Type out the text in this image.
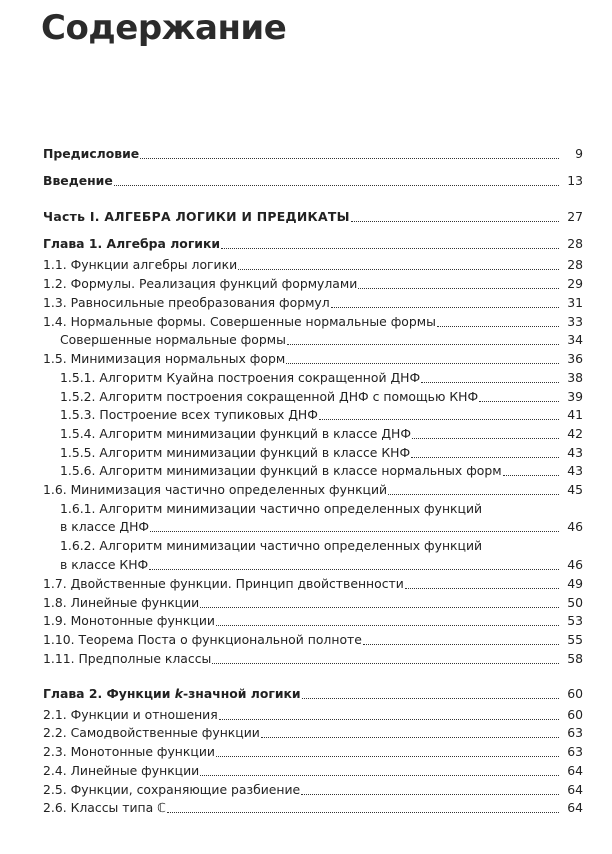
Содержание
Предисловие	9
Введение	13
Часть I. АЛГЕБРА ЛОГИКИ И ПРЕДИКАТЫ	27
Глава 1. Алгебра логики	28
1.1. Функции алгебры логики	28
1.2. Формулы. Реализация функций формулами	29
1.3. Равносильные преобразования формул	31
1.4. Нормальные формы. Совершенные нормальные формы	33
Совершенные нормальные формы	34
1.5. Минимизация нормальных форм	36
1.5.1. Алгоритм Куайна построения сокращенной ДНФ	38
1.5.2. Алгоритм построения сокращенной ДНФ с помощью КНФ	39
1.5.3. Построение всех тупиковых ДНФ	41
1.5.4. Алгоритм минимизации функций в классе ДНФ	42
1.5.5. Алгоритм минимизации функций в классе КНФ	43
1.5.6. Алгоритм минимизации функций в классе нормальных форм	43
1.6. Минимизация частично определенных функций	45
1.6.1. Алгоритм минимизации частично определенных функций
в классе ДНФ	46
1.6.2. Алгоритм минимизации частично определенных функций
в классе КНФ	46
1.7. Двойственные функции. Принцип двойственности	49
1.8. Линейные функции	50
1.9. Монотонные функции	53
1.10. Теорема Поста о функциональной полноте	55
1.11. Предполные классы	58
Глава 2. Функции k-значной логики	60
2.1. Функции и отношения	60
2.2. Самодвойственные функции	63
2.3. Монотонные функции	63
2.4. Линейные функции	64
2.5. Функции, сохраняющие разбиение	64
2.6. Классы типа ℂ	64
